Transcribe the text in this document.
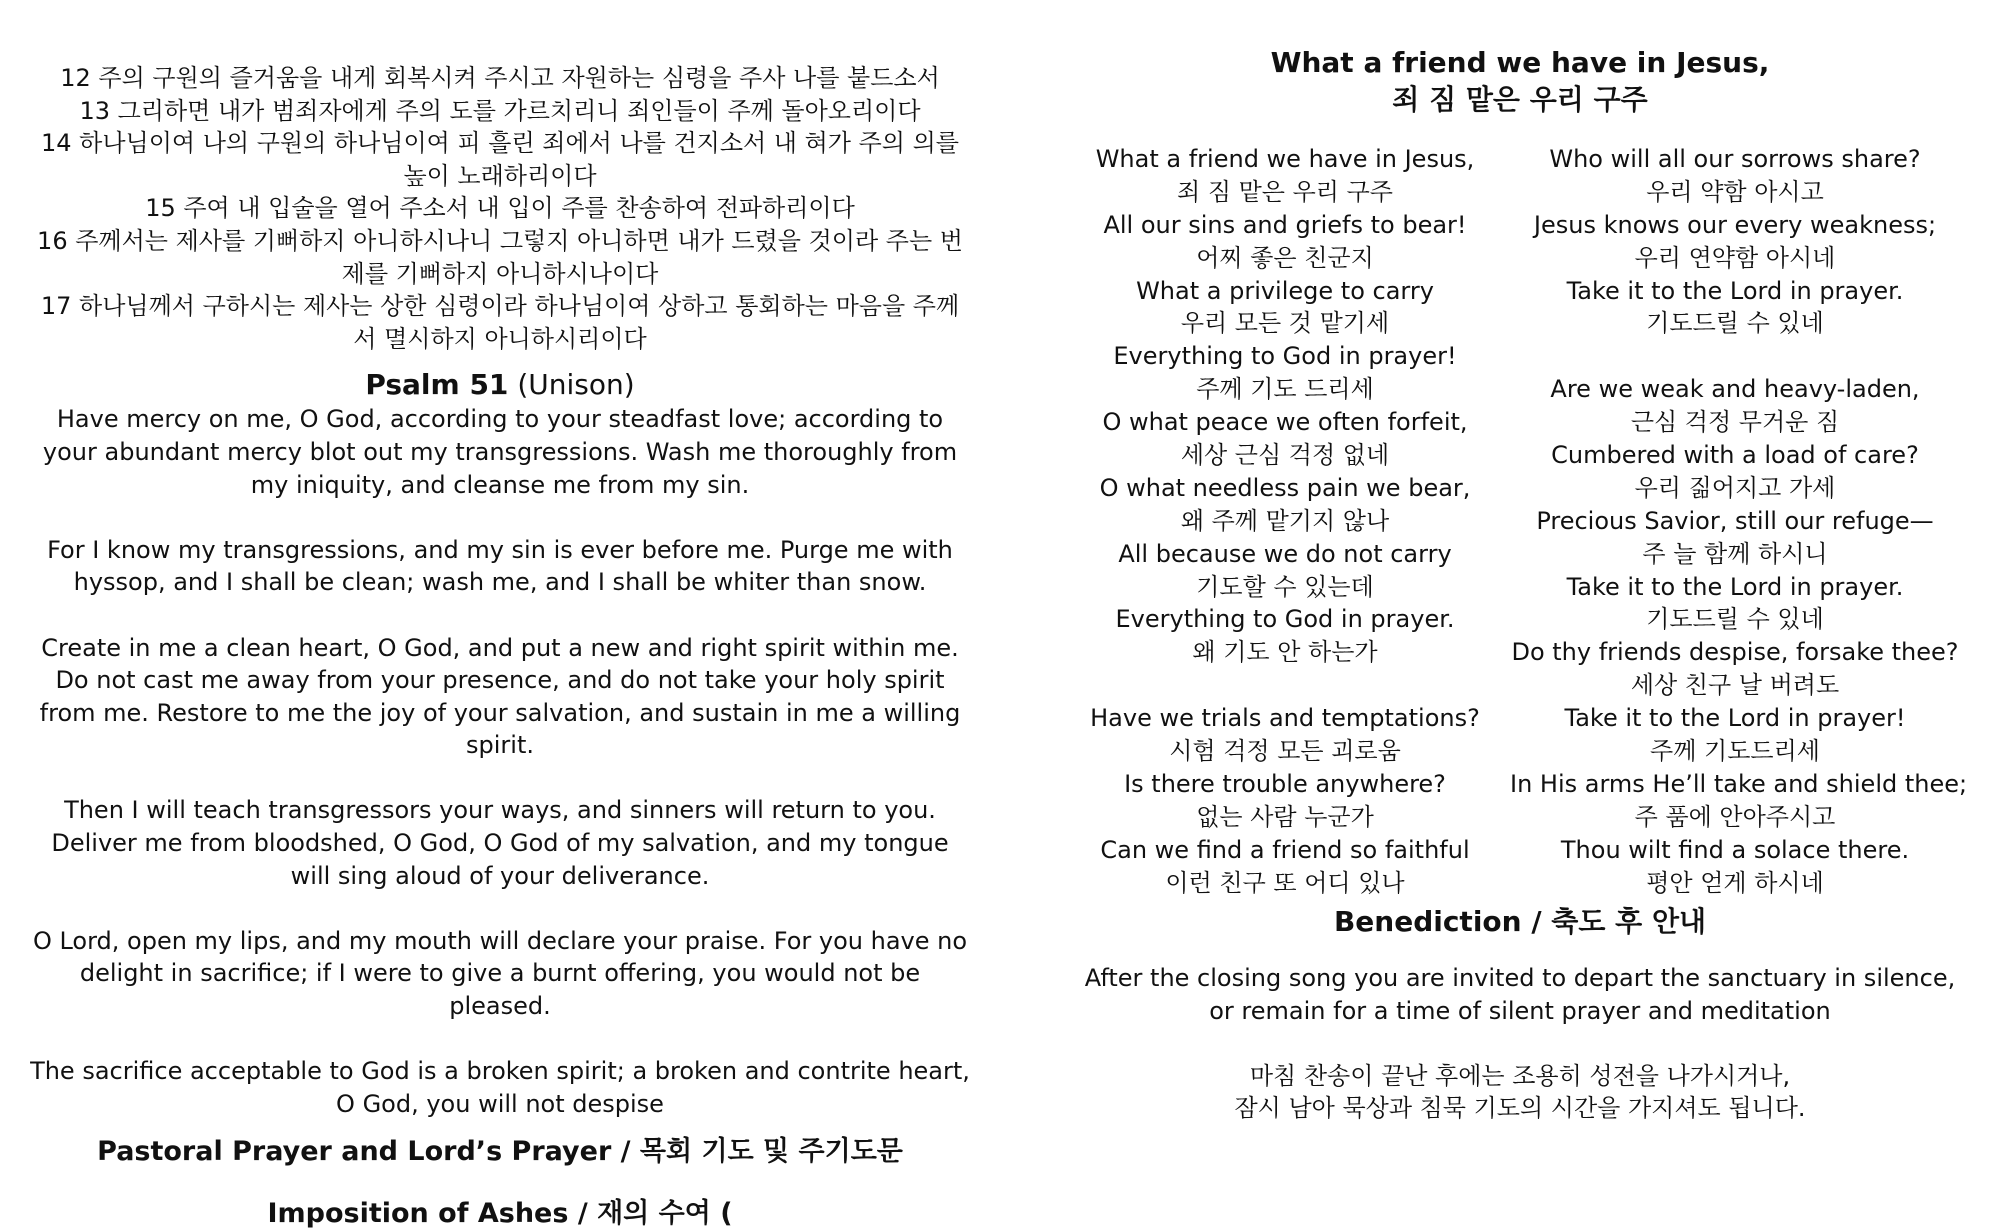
12 주의 구원의 즐거움을 내게 회복시켜 주시고 자원하는 심령을 주사 나를 붙드소서

13 그리하면 내가 범죄자에게 주의 도를 가르치리니 죄인들이 주께 돌아오리이다

14 하나님이여 나의 구원의 하나님이여 피 흘린 죄에서 나를 건지소서 내 혀가 주의 의를 높이 노래하리이다

15 주여 내 입술을 열어 주소서 내 입이 주를 찬송하여 전파하리이다

16 주께서는 제사를 기뻐하지 아니하시나니 그렇지 아니하면 내가 드렸을 것이라 주는 번제를 기뻐하지 아니하시나이다

17 하나님께서 구하시는 제사는 상한 심령이라 하나님이여 상하고 통회하는 마음을 주께서 멸시하지 아니하시리이다

Psalm 51 (Unison)

Have mercy on me, O God, according to your steadfast love; according to your abundant mercy blot out my transgressions. Wash me thoroughly from my iniquity, and cleanse me from my sin.

For I know my transgressions, and my sin is ever before me. Purge me with hyssop, and I shall be clean; wash me, and I shall be whiter than snow.

Create in me a clean heart, O God, and put a new and right spirit within me. Do not cast me away from your presence, and do not take your holy spirit from me. Restore to me the joy of your salvation, and sustain in me a willing spirit.

Then I will teach transgressors your ways, and sinners will return to you. Deliver me from bloodshed, O God, O God of my salvation, and my tongue will sing aloud of your deliverance.

O Lord, open my lips, and my mouth will declare your praise. For you have no delight in sacrifice; if I were to give a burnt offering, you would not be pleased.

The sacrifice acceptable to God is a broken spirit; a broken and contrite heart, O God, you will not despise

Pastoral Prayer and Lord’s Prayer / 목회 기도 및 주기도문

Imposition of Ashes / 재의 수여 (

What a friend we have in Jesus,

죄 짐 맡은 우리 구주

What a friend we have in Jesus,
죄 짐 맡은 우리 구주
All our sins and griefs to bear!
어찌 좋은 친군지
What a privilege to carry
우리 모든 것 맡기세
Everything to God in prayer!
주께 기도 드리세
O what peace we often forfeit,
세상 근심 걱정 없네
O what needless pain we bear,
왜 주께 맡기지 않나
All because we do not carry
기도할 수 있는데
Everything to God in prayer.
왜 기도 안 하는가
Have we trials and temptations?
시험 걱정 모든 괴로움
Is there trouble anywhere?
없는 사람 누군가
Can we find a friend so faithful
이런 친구 또 어디 있나
Who will all our sorrows share?
우리 약함 아시고
Jesus knows our every weakness;
우리 연약함 아시네
Take it to the Lord in prayer.
기도드릴 수 있네
Are we weak and heavy-laden,
근심 걱정 무거운 짐
Cumbered with a load of care?
우리 짊어지고 가세
Precious Savior, still our refuge—
주 늘 함께 하시니
Take it to the Lord in prayer.
기도드릴 수 있네
Do thy friends despise, forsake thee?
세상 친구 날 버려도
Take it to the Lord in prayer!
주께 기도드리세
In His arms He’ll take and shield thee;
주 품에 안아주시고
Thou wilt find a solace there.
평안 얻게 하시네

Benediction / 축도 후 안내

After the closing song you are invited to depart the sanctuary in silence, or remain for a time of silent prayer and meditation

마침 찬송이 끝난 후에는 조용히 성전을 나가시거나,
잠시 남아 묵상과 침묵 기도의 시간을 가지셔도 됩니다.
